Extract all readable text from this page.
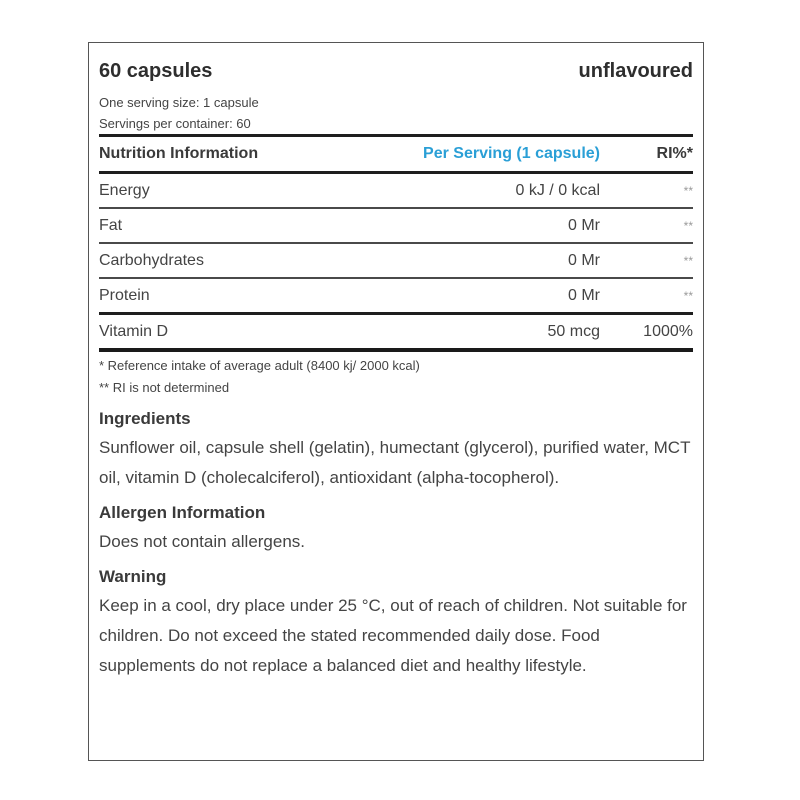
60 capsules	unflavoured
One serving size: 1 capsule
Servings per container: 60
Nutrition Information	Per Serving (1 capsule)	RI%*
Energy	0 kJ / 0 kcal	**
Fat	0 Mr	**
Carbohydrates	0 Mr	**
Protein	0 Mr	**
Vitamin D	50 mcg	1000%
* Reference intake of average adult (8400 kj/ 2000 kcal)
** RI is not determined
Ingredients
Sunflower oil, capsule shell (gelatin), humectant (glycerol), purified water, MCT oil, vitamin D (cholecalciferol), antioxidant (alpha-tocopherol).
Allergen Information
Does not contain allergens.
Warning
Keep in a cool, dry place under 25 °C, out of reach of children. Not suitable for children. Do not exceed the stated recommended daily dose. Food supplements do not replace a balanced diet and healthy lifestyle.
